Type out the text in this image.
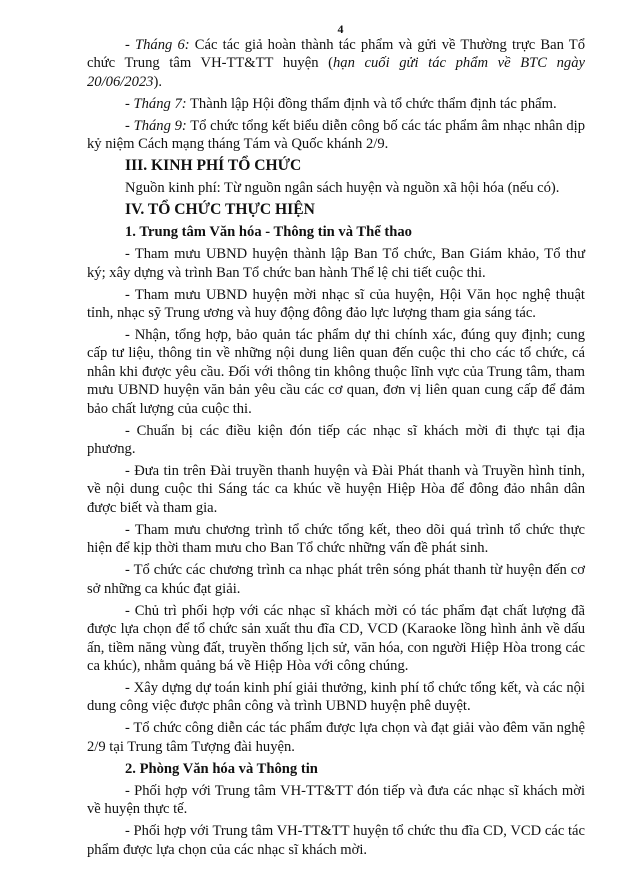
4

- Tháng 6: Các tác giả hoàn thành tác phẩm và gửi về Thường trực Ban Tổ chức Trung tâm VH-TT&TT huyện (hạn cuối gửi tác phẩm về BTC ngày 20/06/2023).

- Tháng 7: Thành lập Hội đồng thẩm định và tổ chức thẩm định tác phẩm.

- Tháng 9: Tổ chức tổng kết biểu diễn công bố các tác phẩm âm nhạc nhân dịp kỷ niệm Cách mạng tháng Tám và Quốc khánh 2/9.

III. KINH PHÍ TỔ CHỨC

Nguồn kinh phí: Từ nguồn ngân sách huyện và nguồn xã hội hóa (nếu có).

IV. TỔ CHỨC THỰC HIỆN

1. Trung tâm Văn hóa - Thông tin và Thể thao

- Tham mưu UBND huyện thành lập Ban Tổ chức, Ban Giám khảo, Tổ thư ký; xây dựng và trình Ban Tổ chức ban hành Thể lệ chi tiết cuộc thi.

- Tham mưu UBND huyện mời nhạc sĩ của huyện, Hội Văn học nghệ thuật tỉnh, nhạc sỹ Trung ương và huy động đông đảo lực lượng tham gia sáng tác.

- Nhận, tổng hợp, bảo quản tác phẩm dự thi chính xác, đúng quy định; cung cấp tư liệu, thông tin về những nội dung liên quan đến cuộc thi cho các tổ chức, cá nhân khi được yêu cầu. Đối với thông tin không thuộc lĩnh vực của Trung tâm, tham mưu UBND huyện văn bản yêu cầu các cơ quan, đơn vị liên quan cung cấp để đảm bảo chất lượng của cuộc thi.

- Chuẩn bị các điều kiện đón tiếp các nhạc sĩ khách mời đi thực tại địa phương.

- Đưa tin trên Đài truyền thanh huyện và Đài Phát thanh và Truyền hình tỉnh, về nội dung cuộc thi Sáng tác ca khúc về huyện Hiệp Hòa để đông đảo nhân dân được biết và tham gia.

- Tham mưu chương trình tổ chức tổng kết, theo dõi quá trình tổ chức thực hiện để kịp thời tham mưu cho Ban Tổ chức những vấn đề phát sinh.

- Tổ chức các chương trình ca nhạc phát trên sóng phát thanh từ huyện đến cơ sở những ca khúc đạt giải.

- Chủ trì phối hợp với các nhạc sĩ khách mời có tác phẩm đạt chất lượng đã được lựa chọn để tổ chức sản xuất thu đĩa CD, VCD (Karaoke lồng hình ảnh về dấu ấn, tiềm năng vùng đất, truyền thống lịch sử, văn hóa, con người Hiệp Hòa trong các ca khúc), nhằm quảng bá về Hiệp Hòa với công chúng.

- Xây dựng dự toán kinh phí giải thưởng, kinh phí tổ chức tổng kết, và các nội dung công việc được phân công và trình UBND huyện phê duyệt.

- Tổ chức công diễn các tác phẩm được lựa chọn và đạt giải vào đêm văn nghệ 2/9 tại Trung tâm Tượng đài huyện.

2. Phòng Văn hóa và Thông tin

- Phối hợp với Trung tâm VH-TT&TT đón tiếp và đưa các nhạc sĩ khách mời về huyện thực tế.

- Phối hợp với Trung tâm VH-TT&TT huyện tổ chức thu đĩa CD, VCD các tác phẩm được lựa chọn của các nhạc sĩ khách mời.
